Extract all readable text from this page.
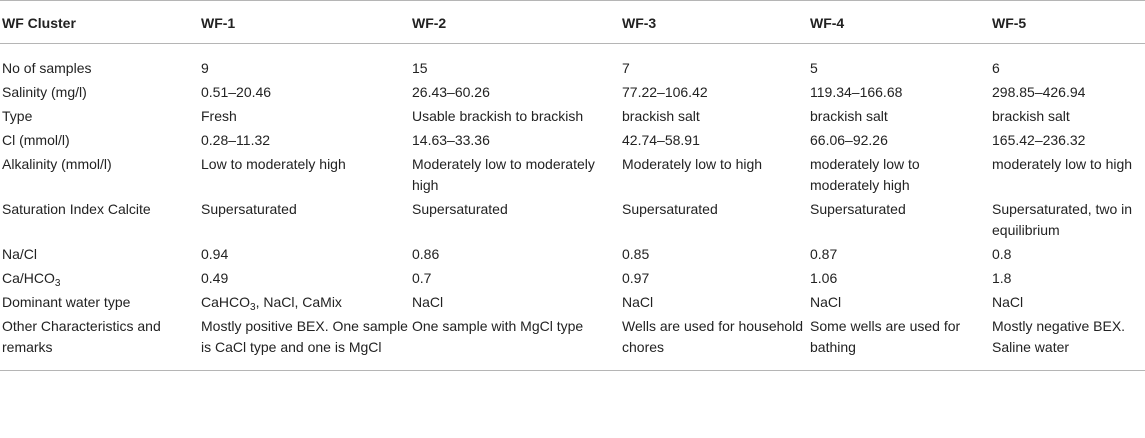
WF Cluster	WF-1	WF-2	WF-3	WF-4	WF-5
No of samples	9	15	7	5	6
Salinity (mg/l)	0.51–20.46	26.43–60.26	77.22–106.42	119.34–166.68	298.85–426.94
Type	Fresh	Usable brackish to brackish	brackish salt	brackish salt	brackish salt
Cl (mmol/l)	0.28–11.32	14.63–33.36	42.74–58.91	66.06–92.26	165.42–236.32
Alkalinity (mmol/l)	Low to moderately high	Moderately low to moderately high	Moderately low to high	moderately low to moderately high	moderately low to high
Saturation Index Calcite	Supersaturated	Supersaturated	Supersaturated	Supersaturated	Supersaturated, two in equilibrium
Na/Cl	0.94	0.86	0.85	0.87	0.8
$Ca/HCO_3$	0.49	0.7	0.97	1.06	1.8
Dominant water type	CaHCO$_3$, NaCl, CaMix	NaCl	NaCl	NaCl	NaCl
Other Characteristics and remarks	Mostly positive BEX. One sample is CaCl type and one is MgCl	One sample with MgCl type	Wells are used for household chores	Some wells are used for bathing	Mostly negative BEX. Saline water
